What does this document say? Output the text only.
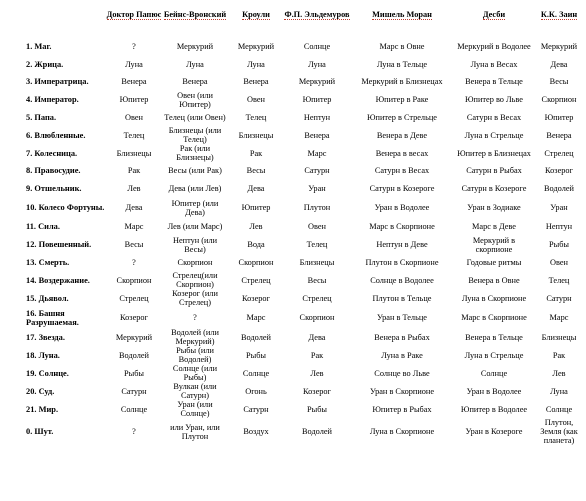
	Доктор Папюс	Бейнс-Вронский	Кроули	Ф.П. Эльдемуров	Мишель Моран	Десби	К.К. Заин
1. Маг.	?	Меркурий	Меркурий	Солнце	Марс в Овне	Меркурий в Водолее	Меркурий
2. Жрица.	Луна	Луна	Луна	Луна	Луна в Тельце	Луна в Весах	Дева
3. Императрица.	Венера	Венера	Венера	Меркурий	Меркурий в Близнецах	Венера в Тельце	Весы
4. Император.	Юпитер	Овен (или Юпитер)	Овен	Юпитер	Юпитер в Раке	Юпитер во Льве	Скорпион
5. Папа.	Овен	Телец (или Овен)	Телец	Нептун	Юпитер в Стрельце	Сатурн в Весах	Юпитер
6. Влюбленные.	Телец	Близнецы (или Телец)	Близнецы	Венера	Венера в Деве	Луна в Стрельце	Венера
7. Колесница.	Близнецы	Рак (или Близнецы)	Рак	Марс	Венера в весах	Юпитер в Близнецах	Стрелец
8. Правосудие.	Рак	Весы (или Рак)	Весы	Сатурн	Сатурн в Весах	Сатурн в Рыбах	Козерог
9. Отшельник.	Лев	Дева (или Лев)	Дева	Уран	Сатурн в Козероге	Сатурн в Козероге	Водолей
10. Колесо Фортуны.	Дева	Юпитер (или Дева)	Юпитер	Плутон	Уран в Водолее	Уран в Зодиаке	Уран
11. Сила.	Марс	Лев (или Марс)	Лев	Овен	Марс в Скорпионе	Марс в Деве	Нептун
12. Повешенный.	Весы	Нептун (или Весы)	Вода	Телец	Нептун в Деве	Меркурий в скорпионе	Рыбы
13. Смерть.	?	Скорпион	Скорпион	Близнецы	Плутон в Скорпионе	Годовые ритмы	Овен
14. Воздержание.	Скорпион	Стрелец(или Скорпион)	Стрелец	Весы	Солнце в Водолее	Венера в Овне	Телец
15. Дьявол.	Стрелец	Козерог (или Стрелец)	Козерог	Стрелец	Плутон в Тельце	Луна в Скорпионе	Сатурн
16. Башня Разрушаемая.	Козерог	?	Марс	Скорпион	Уран в Тельце	Марс в Скорпионе	Марс
17. Звезда.	Меркурий	Водолей (или Меркурий)	Водолей	Дева	Венера в Рыбах	Венера в Тельце	Близнецы
18. Луна.	Водолей	Рыбы (или Водолей)	Рыбы	Рак	Луна в Раке	Луна в Стрельце	Рак
19. Солнце.	Рыбы	Солнце (или Рыбы)	Солнце	Лев	Солнце во Льве	Солнце	Лев
20. Суд.	Сатурн	Вулкан (или Сатурн)	Огонь	Козерог	Уран в Скорпионе	Уран в Водолее	Луна
21. Мир.	Солнце	Уран (или Солнце)	Сатурн	Рыбы	Юпитер в Рыбах	Юпитер в Водолее	Солнце
0. Шут.	?	или Уран, или Плутон	Воздух	Водолей	Луна в Скорпионе	Уран в Козероге	Плутон, Земля (как планета)
